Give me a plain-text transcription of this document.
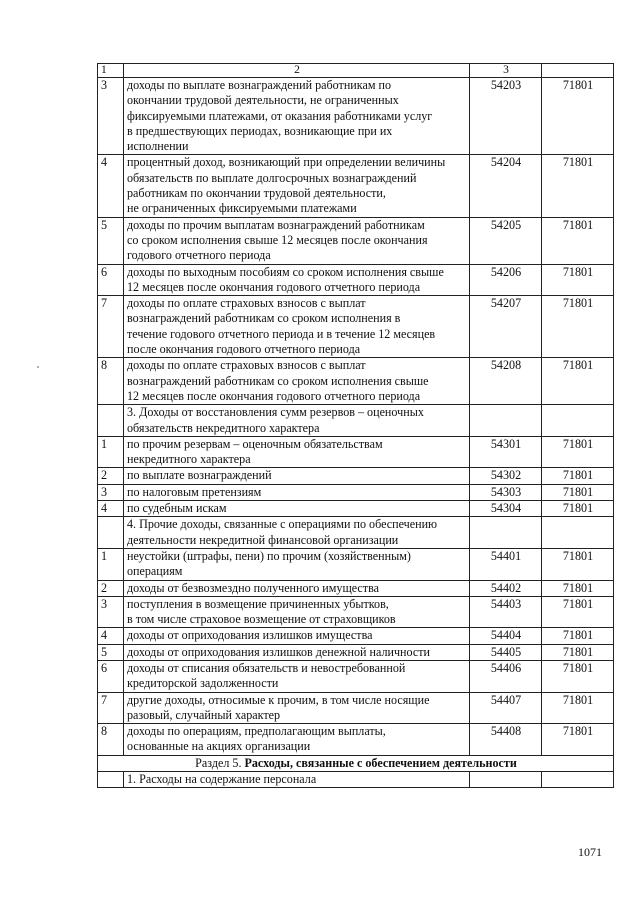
1	2	3	

3	доходы по выплате вознаграждений работникам по
окончании трудовой деятельности, не ограниченных
фиксируемыми платежами, от оказания работниками услуг
в предшествующих периодах, возникающие при их
исполнении	54203	71801

4	процентный доход, возникающий при определении величины
обязательств по выплате долгосрочных вознаграждений
работникам по окончании трудовой деятельности,
не ограниченных фиксируемыми платежами	54204	71801

5	доходы по прочим выплатам вознаграждений работникам
со сроком исполнения свыше 12 месяцев после окончания
годового отчетного периода	54205	71801

6	доходы по выходным пособиям со сроком исполнения свыше
12 месяцев после окончания годового отчетного периода	54206	71801

7	доходы по оплате страховых взносов с выплат
вознаграждений работникам со сроком исполнения в
течение годового отчетного периода и в течение 12 месяцев
после окончания годового отчетного периода	54207	71801

8	доходы по оплате страховых взносов с выплат
вознаграждений работникам со сроком исполнения свыше
12 месяцев после окончания годового отчетного периода	54208	71801

	3. Доходы от восстановления сумм резервов – оценочных
обязательств некредитного характера		

1	по прочим резервам – оценочным обязательствам
некредитного характера	54301	71801

2	по выплате вознаграждений	54302	71801

3	по налоговым претензиям	54303	71801

4	по судебным искам	54304	71801

	4. Прочие доходы, связанные с операциями по обеспечению
деятельности некредитной финансовой организации		

1	неустойки (штрафы, пени) по прочим (хозяйственным)
операциям	54401	71801

2	доходы от безвозмездно полученного имущества	54402	71801

3	поступления в возмещение причиненных убытков,
в том числе страховое возмещение от страховщиков	54403	71801

4	доходы от оприходования излишков имущества	54404	71801

5	доходы от оприходования излишков денежной наличности	54405	71801

6	доходы от списания обязательств и невостребованной
кредиторской задолженности	54406	71801

7	другие доходы, относимые к прочим, в том числе носящие
разовый, случайный характер	54407	71801

8	доходы по операциям, предполагающим выплаты,
основанные на акциях организации	54408	71801

Раздел 5. Расходы, связанные с обеспечением деятельности			

	1. Расходы на содержание персонала		

1071
